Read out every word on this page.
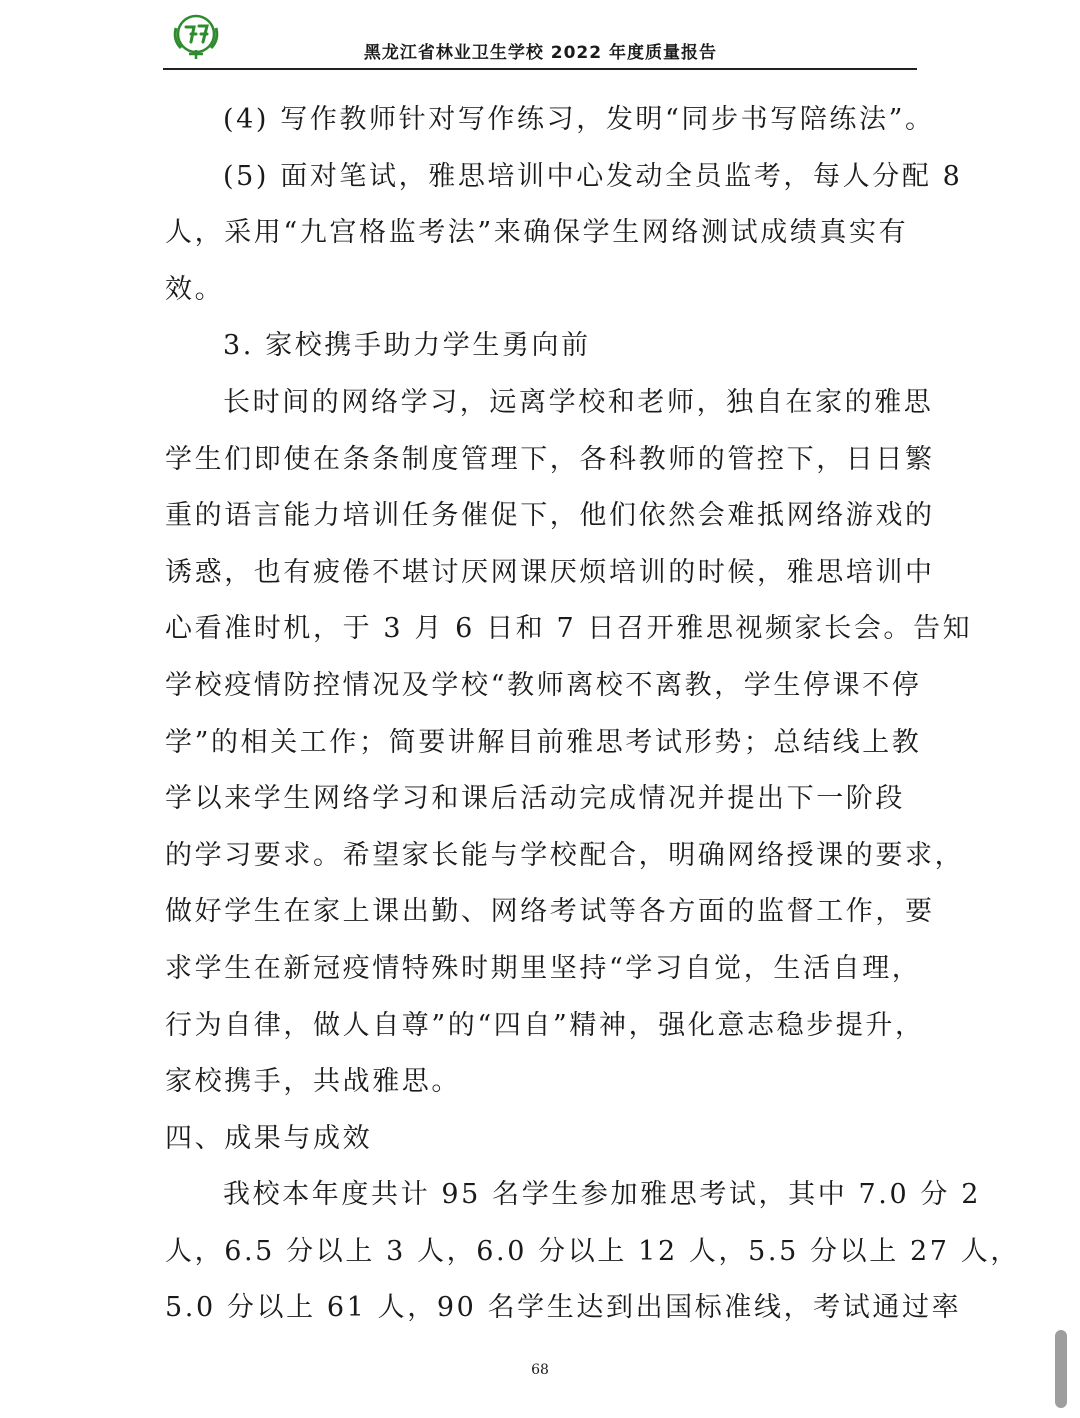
黑龙江省林业卫生学校 2022 年度质量报告
(4) 写作教师针对写作练习，发明“同步书写陪练法”。
(5) 面对笔试，雅思培训中心发动全员监考，每人分配 8
人，采用“九宫格监考法”来确保学生网络测试成绩真实有
效。
3. 家校携手助力学生勇向前
长时间的网络学习，远离学校和老师，独自在家的雅思
学生们即使在条条制度管理下，各科教师的管控下，日日繁
重的语言能力培训任务催促下，他们依然会难抵网络游戏的
诱惑，也有疲倦不堪讨厌网课厌烦培训的时候，雅思培训中
心看准时机，于 3 月 6 日和 7 日召开雅思视频家长会。告知
学校疫情防控情况及学校“教师离校不离教，学生停课不停
学”的相关工作；简要讲解目前雅思考试形势；总结线上教
学以来学生网络学习和课后活动完成情况并提出下一阶段
的学习要求。希望家长能与学校配合，明确网络授课的要求，
做好学生在家上课出勤、网络考试等各方面的监督工作，要
求学生在新冠疫情特殊时期里坚持“学习自觉，生活自理，
行为自律，做人自尊”的“四自”精神，强化意志稳步提升，
家校携手，共战雅思。
四、成果与成效
我校本年度共计 95 名学生参加雅思考试，其中 7.0 分 2
人，6.5 分以上 3 人，6.0 分以上 12 人，5.5 分以上 27 人，
5.0 分以上 61 人，90 名学生达到出国标准线，考试通过率
68
